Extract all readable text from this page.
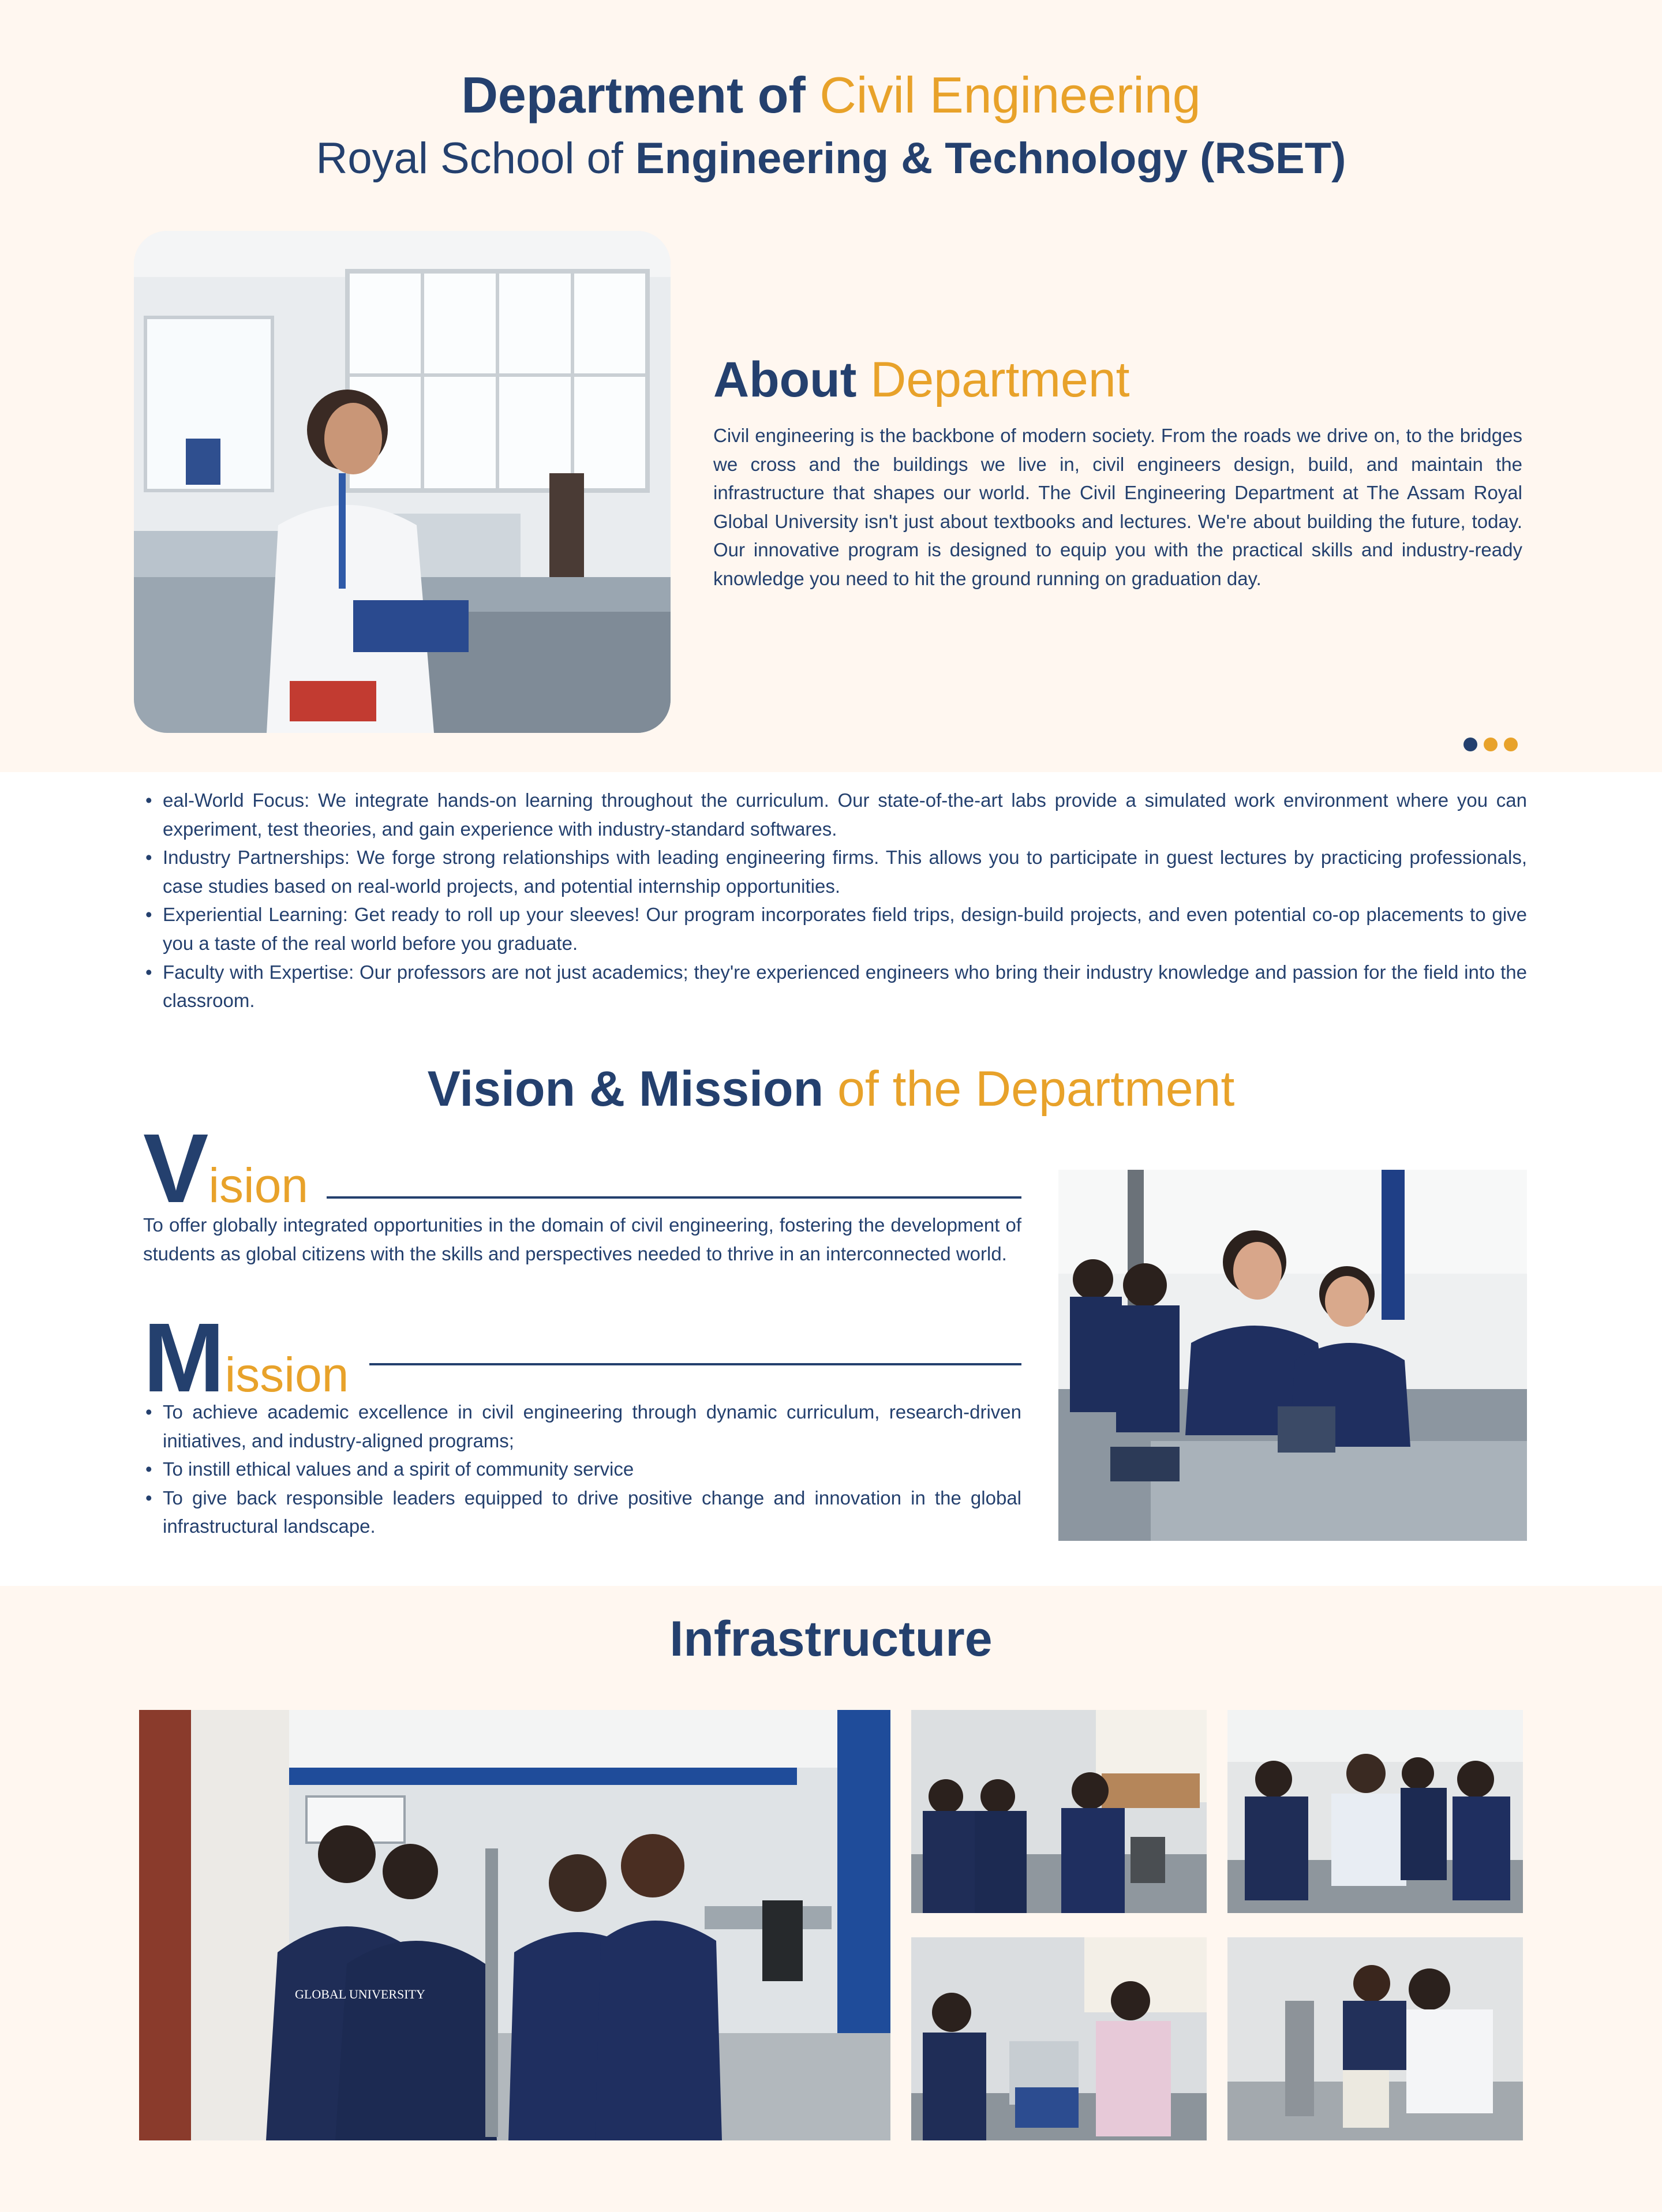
Department of Civil Engineering
Royal School of Engineering & Technology (RSET)
About Department

Civil engineering is the backbone of modern society. From the roads we drive on, to the bridges we cross and the buildings we live in, civil engineers design, build, and maintain the infrastructure that shapes our world. The Civil Engineering Department at The Assam Royal Global University isn't just about textbooks and lectures. We're about building the future, today. Our innovative program is designed to equip you with the practical skills and industry-ready knowledge you need to hit the ground running on graduation day.

• eal-World Focus: We integrate hands-on learning throughout the curriculum. Our state-of-the-art labs provide a simulated work environment where you can experiment, test theories, and gain experience with industry-standard softwares.
• Industry Partnerships: We forge strong relationships with leading engineering firms. This allows you to participate in guest lectures by practicing professionals, case studies based on real-world projects, and potential internship opportunities.
• Experiential Learning: Get ready to roll up your sleeves! Our program incorporates field trips, design-build projects, and even potential co-op placements to give you a taste of the real world before you graduate.
• Faculty with Expertise: Our professors are not just academics; they're experienced engineers who bring their industry knowledge and passion for the field into the classroom.
Vision & Mission of the Department
Vision

To offer globally integrated opportunities in the domain of civil engineering, fostering the development of students as global citizens with the skills and perspectives needed to thrive in an interconnected world.

Mission
• To achieve academic excellence in civil engineering through dynamic curriculum, research-driven initiatives, and industry-aligned programs;
• To instill ethical values and a spirit of community service
• To give back responsible leaders equipped to drive positive change and innovation in the global infrastructural landscape.
Infrastructure
GLOBAL UNIVERSITY
